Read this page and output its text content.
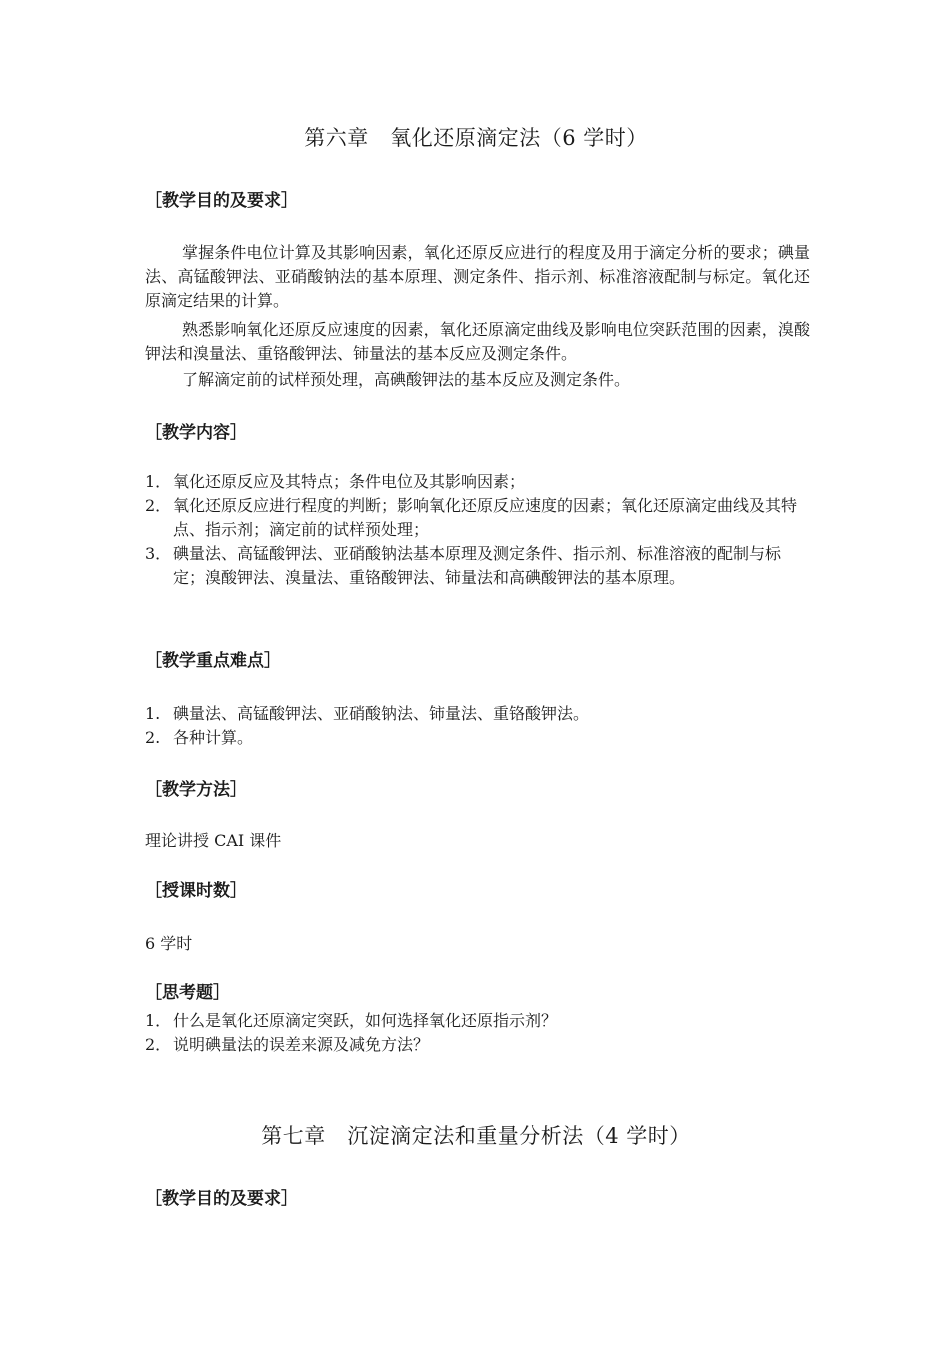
第六章　氧化还原滴定法（6 学时）
［教学目的及要求］
掌握条件电位计算及其影响因素，氧化还原反应进行的程度及用于滴定分析的要求；碘量法、高锰酸钾法、亚硝酸钠法的基本原理、测定条件、指示剂、标准溶液配制与标定。氧化还原滴定结果的计算。
熟悉影响氧化还原反应速度的因素，氧化还原滴定曲线及影响电位突跃范围的因素，溴酸钾法和溴量法、重铬酸钾法、铈量法的基本反应及测定条件。
了解滴定前的试样预处理，高碘酸钾法的基本反应及测定条件。
［教学内容］
1． 氧化还原反应及其特点；条件电位及其影响因素；
2． 氧化还原反应进行程度的判断；影响氧化还原反应速度的因素；氧化还原滴定曲线及其特点、指示剂；滴定前的试样预处理；
3． 碘量法、高锰酸钾法、亚硝酸钠法基本原理及测定条件、指示剂、标准溶液的配制与标定；溴酸钾法、溴量法、重铬酸钾法、铈量法和高碘酸钾法的基本原理。
［教学重点难点］
1. 碘量法、高锰酸钾法、亚硝酸钠法、铈量法、重铬酸钾法。
2. 各种计算。
［教学方法］
理论讲授 CAI 课件
［授课时数］
6 学时
［思考题］
1． 什么是氧化还原滴定突跃，如何选择氧化还原指示剂？
2． 说明碘量法的误差来源及减免方法？
第七章　沉淀滴定法和重量分析法（4 学时）
［教学目的及要求］
